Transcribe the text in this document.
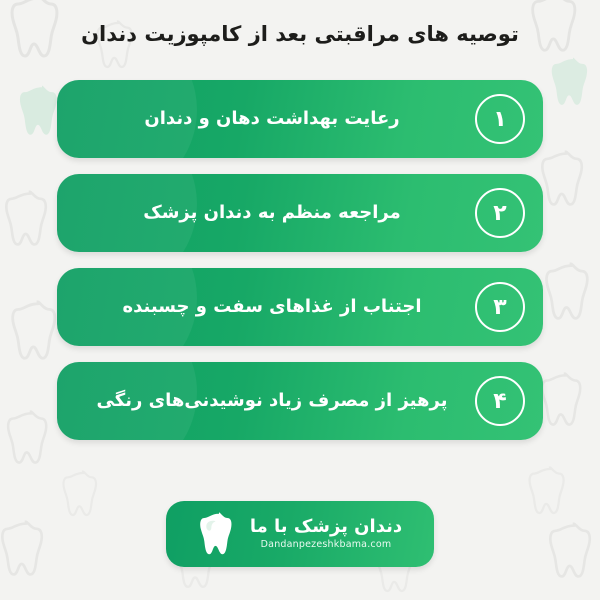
توصیه های مراقبتی بعد از کامپوزیت دندان
۱
رعایت بهداشت دهان و دندان
۲
مراجعه منظم به دندان پزشک
۳
اجتناب از غذاهای سفت و چسبنده
۴
پرهیز از مصرف زیاد نوشیدنی‌های رنگی
دندان پزشک با ما
Dandanpezeshkbama.com
